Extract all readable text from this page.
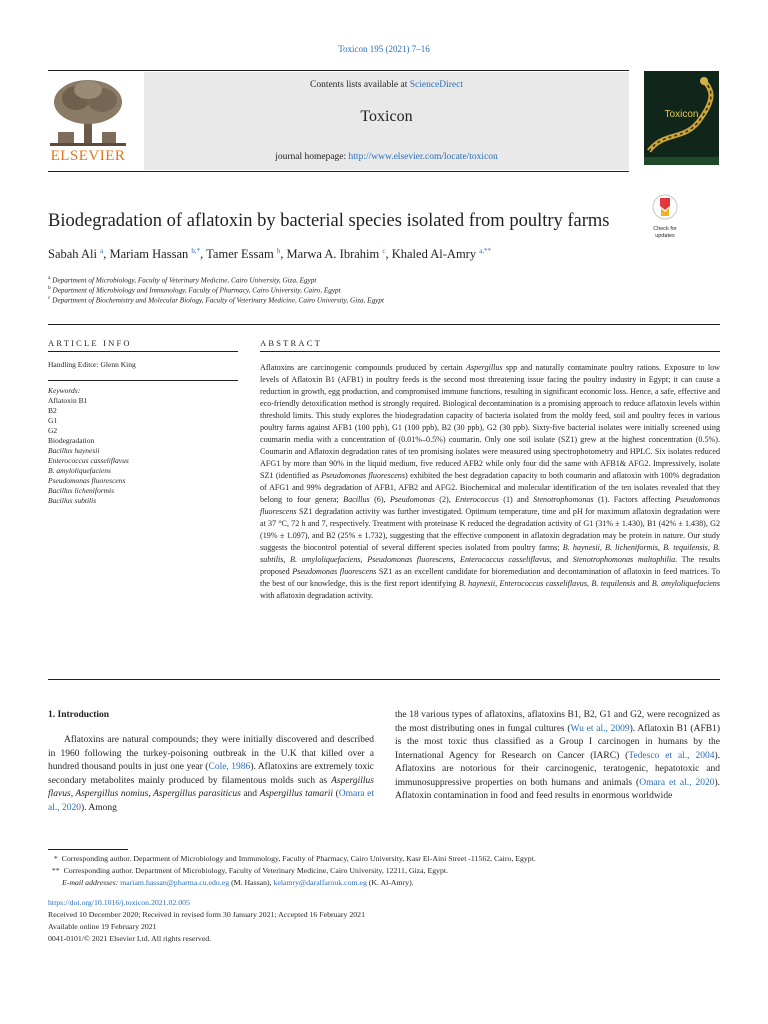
Toxicon 195 (2021) 7–16
Contents lists available at ScienceDirect
Toxicon
journal homepage: http://www.elsevier.com/locate/toxicon
ELSEVIER
Toxicon
Biodegradation of aflatoxin by bacterial species isolated from poultry farms	Check for
updates
Sabah Ali $^a$, Mariam Hassan $^{b,*}$, Tamer Essam $^b$, Marwa A. Ibrahim $^c$, Khaled Al-Amry $^{a,**}$
$^a$ Department of Microbiology, Faculty of Veterinary Medicine, Cairo University, Giza, Egypt
$^b$ Department of Microbiology and Immunology, Faculty of Pharmacy, Cairo University, Cairo, Egypt
$^c$ Department of Biochemistry and Molecular Biology, Faculty of Veterinary Medicine, Cairo University, Giza, Egypt
ARTICLE INFO
Handling Editor: Glenn King
Keywords:
Aflatoxin B1
B2
G1
G2
Biodegradation
Bacillus haynesii
Enterococcus casseliflavus
B. amyloliquefaciens
Pseudomonas fluorescens
Bacillus licheniformis
Bacillus subtilis
ABSTRACT
Aflatoxins are carcinogenic compounds produced by certain Aspergillus spp and naturally contaminate poultry rations. Exposure to low levels of Aflatoxin B1 (AFB1) in poultry feeds is the second most threatening issue facing the poultry industry in Egypt; it can cause a reduction in growth, egg production, and compromised immune functions, resulting in significant economic loss. Hence, a safe, effective and eco-friendly detoxification method is strongly required. Biological decontamination is a promising approach to reduce aflatoxin levels within threshold limits. This study explores the biodegradation capacity of bacteria isolated from the moldy feed, soil and poultry feces in various poultry farms against AFB1 (100 ppb), G1 (100 ppb), B2 (30 ppb), G2 (30 ppb). Sixty-five bacterial isolates were initially screened using coumarin media with a concentration of (0.01%–0.5%) coumarin. Only one soil isolate (SZ1) grew at the highest concentration (0.5%). Coumarin and Aflatoxin degradation rates of ten promising isolates were measured using spectrophotometry and HPLC. Six isolates reduced AFG1 by more than 90% in the liquid medium, five reduced AFB2 while only four did the same with AFB1& AFG2. Impressively, isolate SZ1 (identified as Pseudomonas fluorescens) exhibited the best degradation capacity to both coumarin and aflatoxin with 100% degradation of AFG1 and 99% degradation of AFB1, AFB2 and AFG2. Biochemical and molecular identification of the ten isolates revealed that they belong to four genera; Bacillus (6), Pseudomonas (2), Enterococcus (1) and Stenotrophomonas (1). Factors affecting Pseudomonas fluorescens SZ1 degradation activity was further investigated. Optimum temperature, time and pH for maximum aflatoxin degradation were at 37 °C, 72 h and 7, respectively. Treatment with proteinase K reduced the degradation activity of G1 (31% ± 1.430), B1 (42% ± 1.438), G2 (19% ± 1.097), and B2 (25% ± 1.732), suggesting that the effective component in aflatoxin degradation may be protein in nature. Our study suggests the biocontrol potential of several different species isolated from poultry farms; B. haynesii, B. licheniformis, B. tequilensis, B. subtilis, B. amyloliquefaciens, Pseudomonas fluorescens, Enterococcus casseliflavus, and Stenotrophomonas maltophilia. The results proposed Pseudomonas fluorescens SZ1 as an excellent candidate for bioremediation and decontamination of aflatoxin in feed matrices. To the best of our knowledge, this is the first report identifying B. haynesii, Enterococcus casseliflavus, B. tequilensis and B. amyloliquefaciens with aflatoxin degradation activity.
1. Introduction
Aflatoxins are natural compounds; they were initially discovered and described in 1960 following the turkey-poisoning outbreak in the U.K that killed over a hundred thousand poults in just one year (Cole, 1986). Aflatoxins are extremely toxic secondary metabolites mainly produced by filamentous molds such as Aspergillus flavus, Aspergillus nomius, Aspergillus parasiticus and Aspergillus tamarii (Omara et al., 2020). Among
the 18 various types of aflatoxins, aflatoxins B1, B2, G1 and G2, were recognized as the most distributing ones in fungal cultures (Wu et al., 2009). Aflatoxin B1 (AFB1) is the most toxic thus classified as a Group I carcinogen in humans by the International Agency for Research on Cancer (IARC) (Tedesco et al., 2004). Aflatoxins are notorious for their carcinogenic, teratogenic, hepatotoxic and immunosuppressive properties on both humans and animals (Omara et al., 2020). Aflatoxin contamination in food and feed results in enormous worldwide
* Corresponding author. Department of Microbiology and Immunology, Faculty of Pharmacy, Cairo University, Kasr El-Aini Street -11562, Cairo, Egypt.
** Corresponding author. Department of Microbiology, Faculty of Veterinary Medicine, Cairo University, 12211, Giza, Egypt.
E-mail addresses: mariam.hassan@pharma.cu.edu.eg (M. Hassan), kelamry@daralfarouk.com.eg (K. Al-Amry).
https://doi.org/10.1016/j.toxicon.2021.02.005
Received 10 December 2020; Received in revised form 30 January 2021; Accepted 16 February 2021
Available online 19 February 2021
0041-0101/© 2021 Elsevier Ltd. All rights reserved.
